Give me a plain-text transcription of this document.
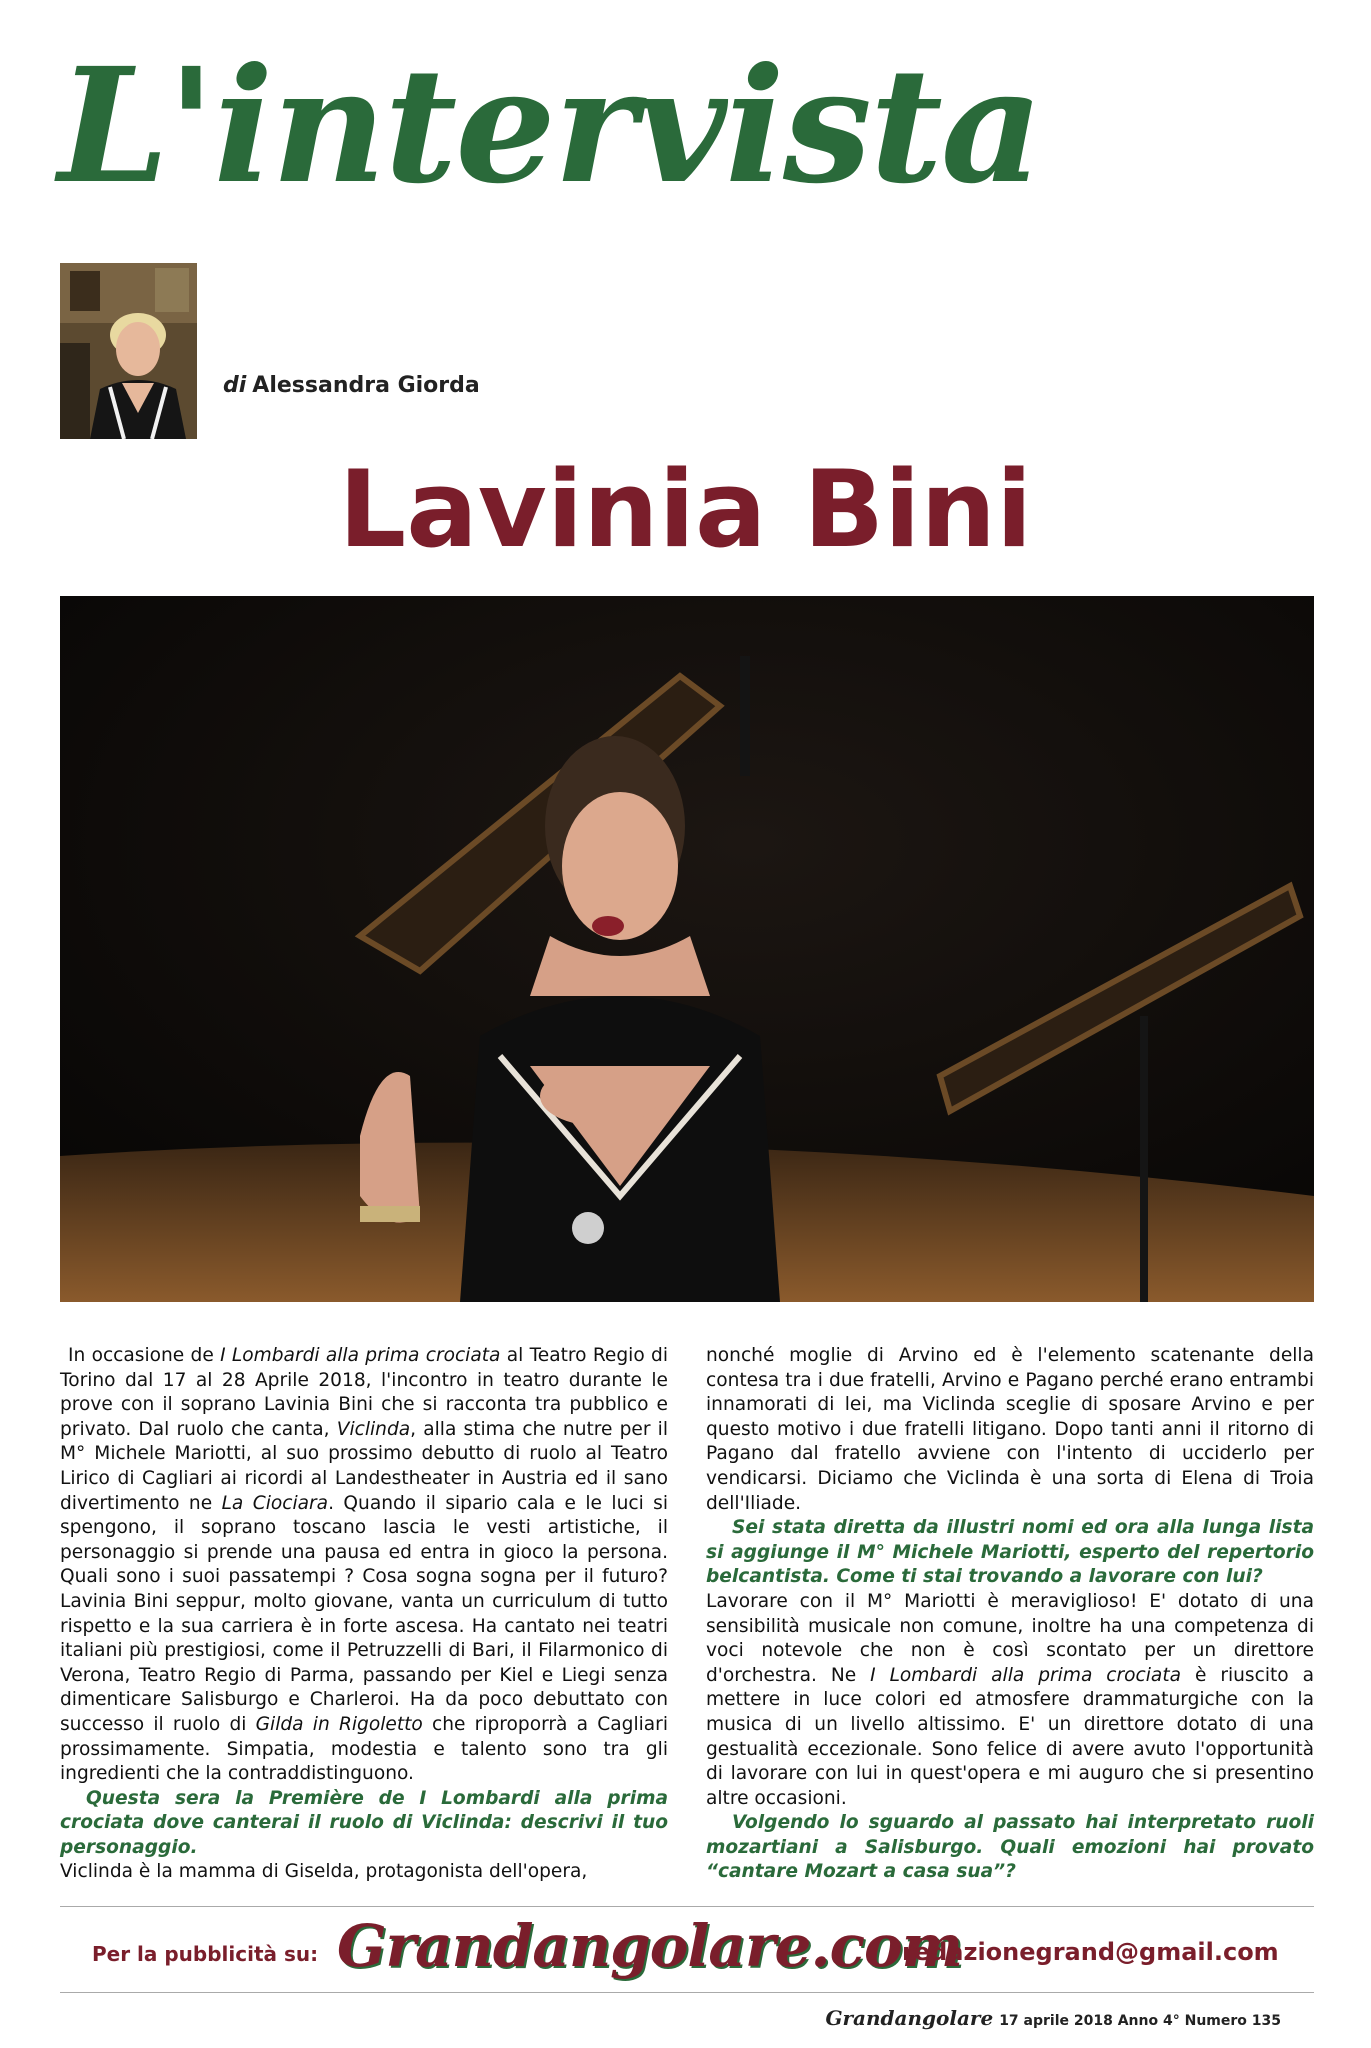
L'intervista
di Alessandra Giorda
Lavinia Bini

In occasione de I Lombardi alla prima crociata al Teatro Regio di Torino dal 17 al 28 Aprile 2018, l'incontro in teatro durante le prove con il soprano Lavinia Bini che si racconta tra pubblico e privato. Dal ruolo che canta, Viclinda, alla stima che nutre per il M° Michele Mariotti, al suo prossimo debutto di ruolo al Teatro Lirico di Cagliari ai ricordi al Landestheater in Austria ed il sano divertimento ne La Ciociara. Quando il sipario cala e le luci si spengono, il soprano toscano lascia le vesti artistiche, il personaggio si prende una pausa ed entra in gioco la persona. Quali sono i suoi passatempi ? Cosa sogna sogna per il futuro? Lavinia Bini seppur, molto giovane, vanta un curriculum di tutto rispetto e la sua carriera è in forte ascesa. Ha cantato nei teatri italiani più prestigiosi, come il Petruzzelli di Bari, il Filarmonico di Verona, Teatro Regio di Parma, passando per Kiel e Liegi senza dimenticare Salisburgo e Charleroi. Ha da poco debuttato con successo il ruolo di Gilda in Rigoletto che riproporrà a Cagliari prossimamente. Simpatia, modestia e talento sono tra gli ingredienti che la contraddistinguono.

Questa sera la Première de I Lombardi alla prima crociata dove canterai il ruolo di Viclinda: descrivi il tuo personaggio.

Viclinda è la mamma di Giselda, protagonista dell'opera,

nonché moglie di Arvino ed è l'elemento scatenante della contesa tra i due fratelli, Arvino e Pagano perché erano entrambi innamorati di lei, ma Viclinda sceglie di sposare Arvino e per questo motivo i due fratelli litigano. Dopo tanti anni il ritorno di Pagano dal fratello avviene con l'intento di ucciderlo per vendicarsi. Diciamo che Viclinda è una sorta di Elena di Troia dell'Iliade.

Sei stata diretta da illustri nomi ed ora alla lunga lista si aggiunge il M° Michele Mariotti, esperto del repertorio belcantista. Come ti stai trovando a lavorare con lui?

Lavorare con il M° Mariotti è meraviglioso! E' dotato di una sensibilità musicale non comune, inoltre ha una competenza di voci notevole che non è così scontato per un direttore d'orchestra. Ne I Lombardi alla prima crociata è riuscito a mettere in luce colori ed atmosfere drammaturgiche con la musica di un livello altissimo. E' un direttore dotato di una gestualità eccezionale. Sono felice di avere avuto l'opportunità di lavorare con lui in quest'opera e mi auguro che si presentino altre occasioni.

Volgendo lo sguardo al passato hai interpretato ruoli mozartiani a Salisburgo. Quali emozioni hai provato “cantare Mozart a casa sua”?

Per la pubblicità su: Grandangolare.com
redazionegrand@gmail.com
Grandangolare 17 aprile 2018 Anno 4° Numero 135
